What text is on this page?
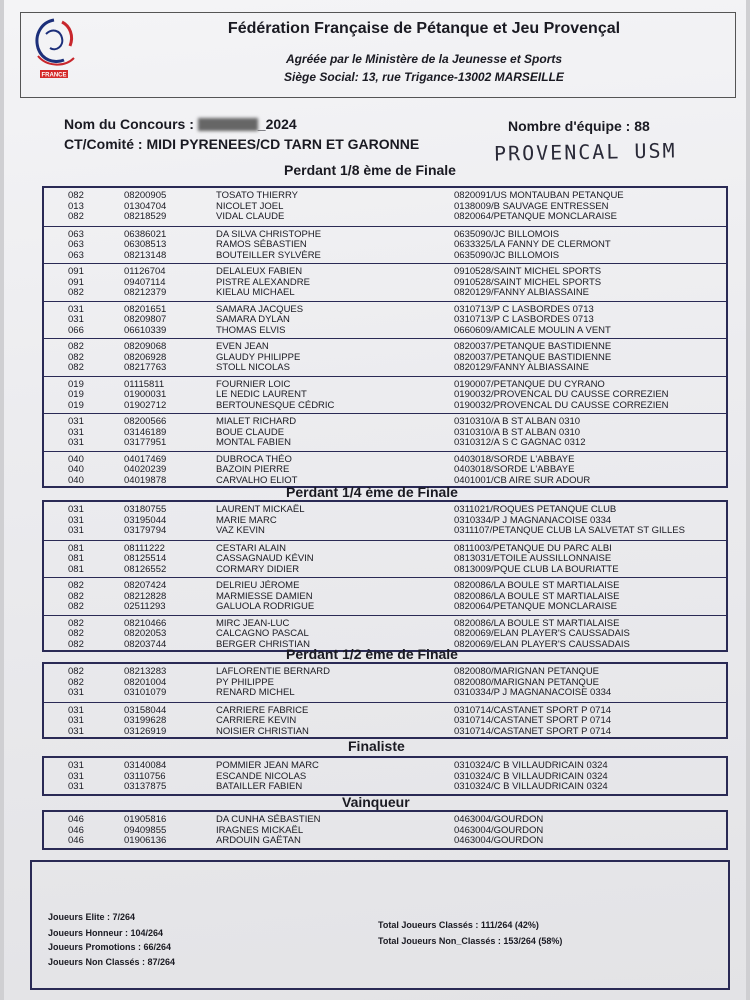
FRANCE
Fédération Française de Pétanque et Jeu Provençal
Agréée par le Ministère de la Jeunesse et Sports
Siège Social: 13, rue Trigance-13002 MARSEILLE
Nom du Concours :	_2024
CT/Comité : MIDI PYRENEES/CD TARN ET GARONNE
Nombre d'équipe : 88
PROVENCAL USM
Perdant 1/8 ème de Finale
082	08200905	TOSATO THIERRY	0820091/US MONTAUBAN PETANQUE
013	01304704	NICOLET JOEL	0138009/B SAUVAGE ENTRESSEN
082	08218529	VIDAL CLAUDE	0820064/PETANQUE MONCLARAISE
063	06386021	DA SILVA CHRISTOPHE	0635090/JC BILLOMOIS
063	06308513	RAMOS SÉBASTIEN	0633325/LA FANNY DE CLERMONT
063	08213148	BOUTEILLER SYLVÈRE	0635090/JC BILLOMOIS
091	01126704	DELALEUX FABIEN	0910528/SAINT MICHEL SPORTS
091	09407114	PISTRE ALEXANDRE	0910528/SAINT MICHEL SPORTS
082	08212379	KIELAU MICHAEL	0820129/FANNY ALBIASSAINE
031	08201651	SAMARA JACQUES	0310713/P C LASBORDES 0713
031	08209807	SAMARA DYLAN	0310713/P C LASBORDES 0713
066	06610339	THOMAS ELVIS	0660609/AMICALE MOULIN A VENT
082	08209068	EVEN JEAN	0820037/PETANQUE BASTIDIENNE
082	08206928	GLAUDY PHILIPPE	0820037/PETANQUE BASTIDIENNE
082	08217763	STOLL NICOLAS	0820129/FANNY ALBIASSAINE
019	01115811	FOURNIER LOIC	0190007/PETANQUE DU CYRANO
019	01900031	LE NEDIC LAURENT	0190032/PROVENCAL DU CAUSSE CORREZIEN
019	01902712	BERTOUNESQUE CÉDRIC	0190032/PROVENCAL DU CAUSSE CORREZIEN
031	08200566	MIALET RICHARD	0310310/A B ST ALBAN 0310
031	03146189	BOUE CLAUDE	0310310/A B ST ALBAN 0310
031	03177951	MONTAL FABIEN	0310312/A S C GAGNAC 0312
040	04017469	DUBROCA THÉO	0403018/SORDE L'ABBAYE
040	04020239	BAZOIN PIERRE	0403018/SORDE L'ABBAYE
040	04019878	CARVALHO ELIOT	0401001/CB AIRE SUR ADOUR
Perdant 1/4 ème de Finale
031	03180755	LAURENT MICKAËL	0311021/ROQUES PETANQUE CLUB
031	03195044	MARIE MARC	0310334/P J MAGNANACOISE 0334
031	03179794	VAZ KEVIN	0311107/PETANQUE CLUB LA SALVETAT ST GILLES
081	08111222	CESTARI ALAIN	0811003/PETANQUE DU PARC ALBI
081	08125514	CASSAGNAUD KÉVIN	0813031/ETOILE AUSSILLONNAISE
081	08126552	CORMARY DIDIER	0813009/PQUE CLUB LA BOURIATTE
082	08207424	DELRIEU JÉROME	0820086/LA BOULE ST MARTIALAISE
082	08212828	MARMIESSE DAMIEN	0820086/LA BOULE ST MARTIALAISE
082	02511293	GALUOLA RODRIGUE	0820064/PETANQUE MONCLARAISE
082	08210466	MIRC JEAN-LUC	0820086/LA BOULE ST MARTIALAISE
082	08202053	CALCAGNO PASCAL	0820069/ELAN PLAYER'S CAUSSADAIS
082	08203744	BERGER CHRISTIAN	0820069/ELAN PLAYER'S CAUSSADAIS
Perdant 1/2 ème de Finale
082	08213283	LAFLORENTIE BERNARD	0820080/MARIGNAN PETANQUE
082	08201004	PY PHILIPPE	0820080/MARIGNAN PETANQUE
031	03101079	RENARD MICHEL	0310334/P J MAGNANACOISE 0334
031	03158044	CARRIERE FABRICE	0310714/CASTANET SPORT P 0714
031	03199628	CARRIERE KEVIN	0310714/CASTANET SPORT P 0714
031	03126919	NOISIER CHRISTIAN	0310714/CASTANET SPORT P 0714
Finaliste
031	03140084	POMMIER JEAN MARC	0310324/C B VILLAUDRICAIN 0324
031	03110756	ESCANDE NICOLAS	0310324/C B VILLAUDRICAIN 0324
031	03137875	BATAILLER FABIEN	0310324/C B VILLAUDRICAIN 0324
Vainqueur
046	01905816	DA CUNHA SÉBASTIEN	0463004/GOURDON
046	09409855	IRAGNES MICKAËL	0463004/GOURDON
046	01906136	ARDOUIN GAËTAN	0463004/GOURDON
Joueurs Elite : 7/264
Joueurs Honneur : 104/264
Joueurs Promotions : 66/264
Joueurs Non Classés : 87/264
Total Joueurs Classés : 111/264 (42%)
Total Joueurs Non_Classés : 153/264 (58%)
